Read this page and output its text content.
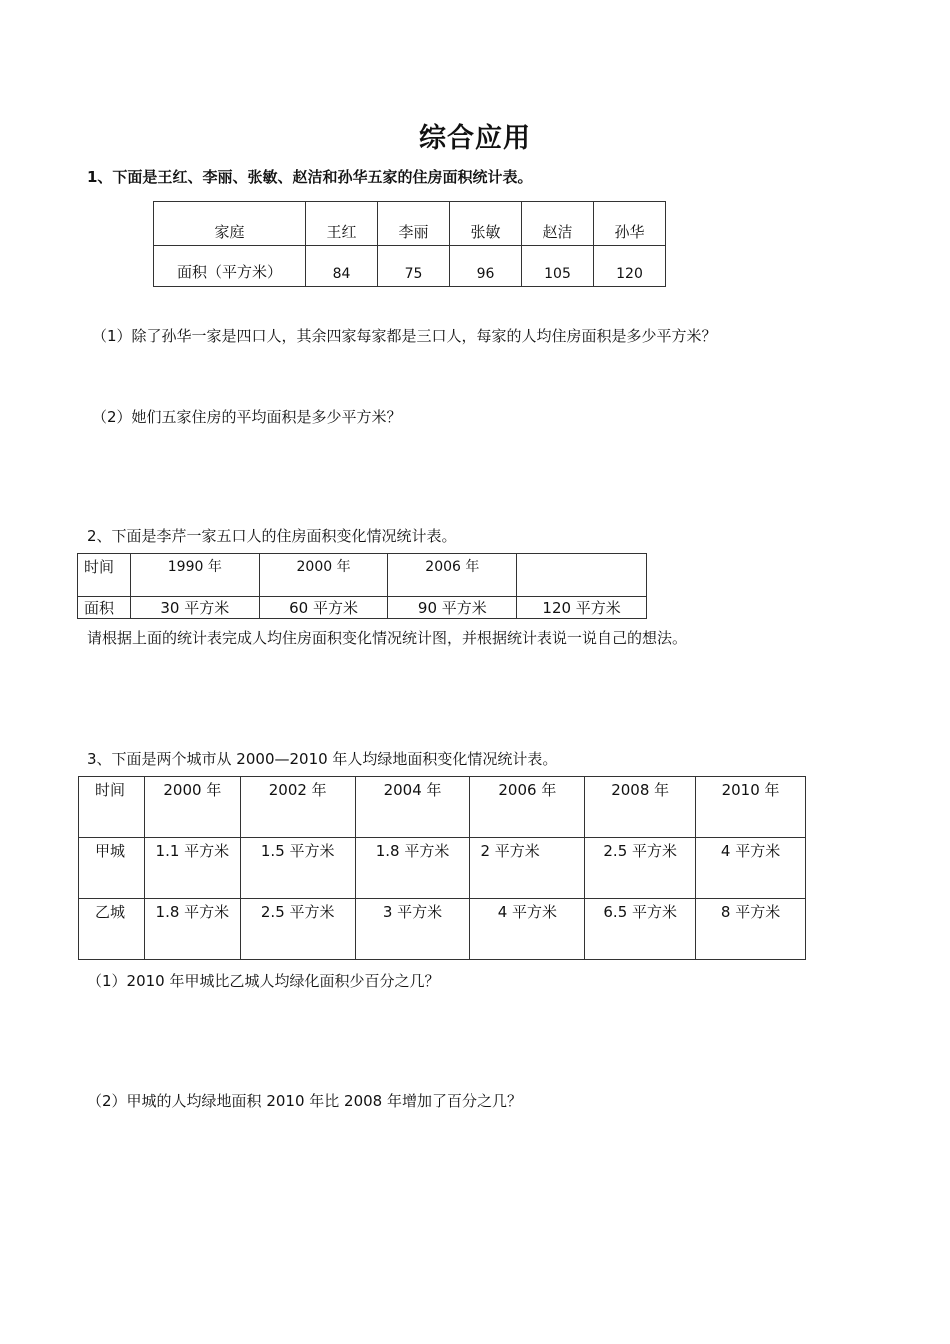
综合应用
1、下面是王红、李丽、张敏、赵洁和孙华五家的住房面积统计表。
家庭	王红	李丽	张敏	赵洁	孙华
面积（平方米）	84	75	96	105	120
（1）除了孙华一家是四口人，其余四家每家都是三口人，每家的人均住房面积是多少平方米？
（2）她们五家住房的平均面积是多少平方米？
2、下面是李芹一家五口人的住房面积变化情况统计表。
时间	1990 年	2000 年	2006 年	
面积	30 平方米	60 平方米	90 平方米	120 平方米
请根据上面的统计表完成人均住房面积变化情况统计图，并根据统计表说一说自己的想法。
3、下面是两个城市从 2000—2010 年人均绿地面积变化情况统计表。
时间	2000 年	2002 年	2004 年	2006 年	2008 年	2010 年
甲城	1.1 平方米	1.5 平方米	1.8 平方米	2 平方米	2.5 平方米	4 平方米
乙城	1.8 平方米	2.5 平方米	3 平方米	4 平方米	6.5 平方米	8 平方米
（1）2010 年甲城比乙城人均绿化面积少百分之几？
（2）甲城的人均绿地面积 2010 年比 2008 年增加了百分之几？
